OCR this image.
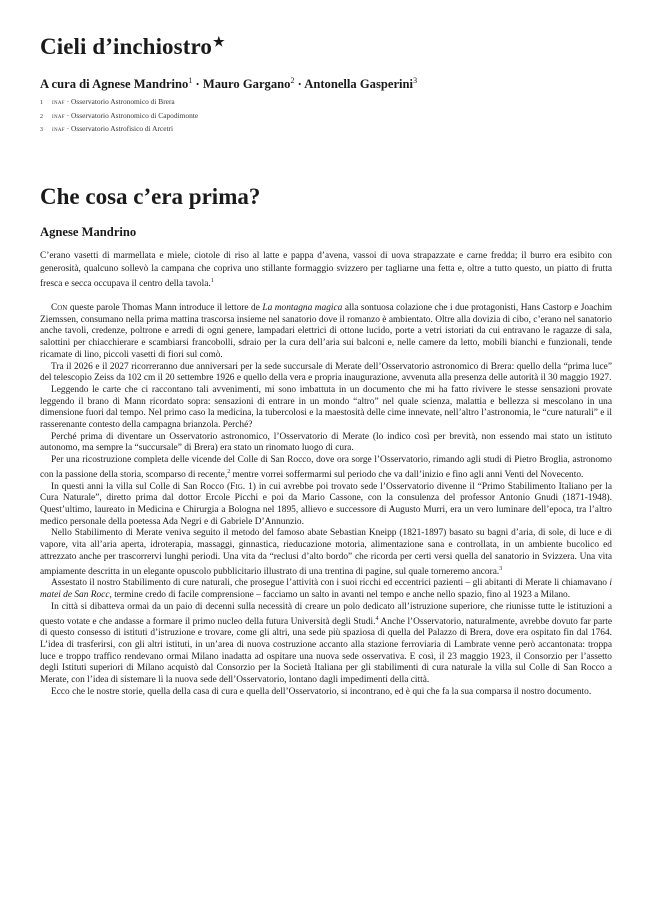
Cieli d’inchiostro★
A cura di Agnese Mandrino$^1$ · Mauro Gargano$^2$ · Antonella Gasperini$^3$
1 inaf · Osservatorio Astronomico di Brera
2 inaf · Osservatorio Astronomico di Capodimonte
3 inaf · Osservatorio Astrofisico di Arcetri
Che cosa c’era prima?
Agnese Mandrino
C’erano vasetti di marmellata e miele, ciotole di riso al latte e pappa d’avena, vassoi di uova strapazzate e carne fredda; il burro era esibito con generosità, qualcuno sollevò la campana che copriva uno stillante formaggio svizzero per tagliarne una fetta e, oltre a tutto questo, un piatto di frutta fresca e secca occupava il centro della tavola.$^1$

Con queste parole Thomas Mann introduce il lettore de La montagna magica alla sontuosa colazione che i due protagonisti, Hans Castorp e Joachim Ziemssen, consumano nella prima mattina trascorsa insieme nel sanatorio dove il romanzo è ambientato. Oltre alla dovizia di cibo, c’erano nel sanatorio anche tavoli, credenze, poltrone e arredi di ogni genere, lampadari elettrici di ottone lucido, porte a vetri istoriati da cui entravano le ragazze di sala, salottini per chiacchierare e scambiarsi francobolli, sdraio per la cura dell’aria sui balconi e, nelle camere da letto, mobili bianchi e funzionali, tende ricamate di lino, piccoli vasetti di fiori sul comò.

Tra il 2026 e il 2027 ricorreranno due anniversari per la sede succursale di Merate dell’Osservatorio astronomico di Brera: quello della “prima luce” del telescopio Zeiss da 102 cm il 20 settembre 1926 e quello della vera e propria inaugurazione, avvenuta alla presenza delle autorità il 30 maggio 1927.

Leggendo le carte che ci raccontano tali avvenimenti, mi sono imbattuta in un documento che mi ha fatto rivivere le stesse sensazioni provate leggendo il brano di Mann ricordato sopra: sensazioni di entrare in un mondo “altro” nel quale scienza, malattia e bellezza si mescolano in una dimensione fuori dal tempo. Nel primo caso la medicina, la tubercolosi e la maestosità delle cime innevate, nell’altro l’astronomia, le “cure naturali” e il rasserenante contesto della campagna brianzola. Perché?

Perché prima di diventare un Osservatorio astronomico, l’Osservatorio di Merate (lo indico così per brevità, non essendo mai stato un istituto autonomo, ma sempre la “succursale” di Brera) era stato un rinomato luogo di cura.

Per una ricostruzione completa delle vicende del Colle di San Rocco, dove ora sorge l’Osservatorio, rimando agli studi di Pietro Broglia, astronomo con la passione della storia, scomparso di recente,$^2$ mentre vorrei soffermarmi sul periodo che va dall’inizio e fino agli anni Venti del Novecento.

In questi anni la villa sul Colle di San Rocco (Fig. 1) in cui avrebbe poi trovato sede l’Osservatorio divenne il “Primo Stabilimento Italiano per la Cura Naturale”, diretto prima dal dottor Ercole Picchi e poi da Mario Cassone, con la consulenza del professor Antonio Gnudi (1871-1948). Quest’ultimo, laureato in Medicina e Chirurgia a Bologna nel 1895, allievo e successore di Augusto Murri, era un vero luminare dell’epoca, tra l’altro medico personale della poetessa Ada Negri e di Gabriele D’Annunzio.

Nello Stabilimento di Merate veniva seguito il metodo del famoso abate Sebastian Kneipp (1821-1897) basato su bagni d’aria, di sole, di luce e di vapore, vita all’aria aperta, idroterapia, massaggi, ginnastica, rieducazione motoria, alimentazione sana e controllata, in un ambiente bucolico ed attrezzato anche per trascorrervi lunghi periodi. Una vita da “reclusi d’alto bordo” che ricorda per certi versi quella del sanatorio in Svizzera. Una vita ampiamente descritta in un elegante opuscolo pubblicitario illustrato di una trentina di pagine, sul quale torneremo ancora.$^3$

Assestato il nostro Stabilimento di cure naturali, che prosegue l’attività con i suoi ricchi ed eccentrici pazienti – gli abitanti di Merate li chiamavano i matei de San Rocc, termine credo di facile comprensione – facciamo un salto in avanti nel tempo e anche nello spazio, fino al 1923 a Milano.

In città si dibatteva ormai da un paio di decenni sulla necessità di creare un polo dedicato all’istruzione superiore, che riunisse tutte le istituzioni a questo votate e che andasse a formare il primo nucleo della futura Università degli Studi.$^4$ Anche l’Osservatorio, naturalmente, avrebbe dovuto far parte di questo consesso di istituti d’istruzione e trovare, come gli altri, una sede più spaziosa di quella del Palazzo di Brera, dove era ospitato fin dal 1764. L’idea di trasferirsi, con gli altri istituti, in un’area di nuova costruzione accanto alla stazione ferroviaria di Lambrate venne però accantonata: troppa luce e troppo traffico rendevano ormai Milano inadatta ad ospitare una nuova sede osservativa. E così, il 23 maggio 1923, il Consorzio per l’assetto degli Istituti superiori di Milano acquistò dal Consorzio per la Società Italiana per gli stabilimenti di cura naturale la villa sul Colle di San Rocco a Merate, con l’idea di sistemare lì la nuova sede dell’Osservatorio, lontano dagli impedimenti della città.

Ecco che le nostre storie, quella della casa di cura e quella dell’Osservatorio, si incontrano, ed è qui che fa la sua comparsa il nostro documento.
